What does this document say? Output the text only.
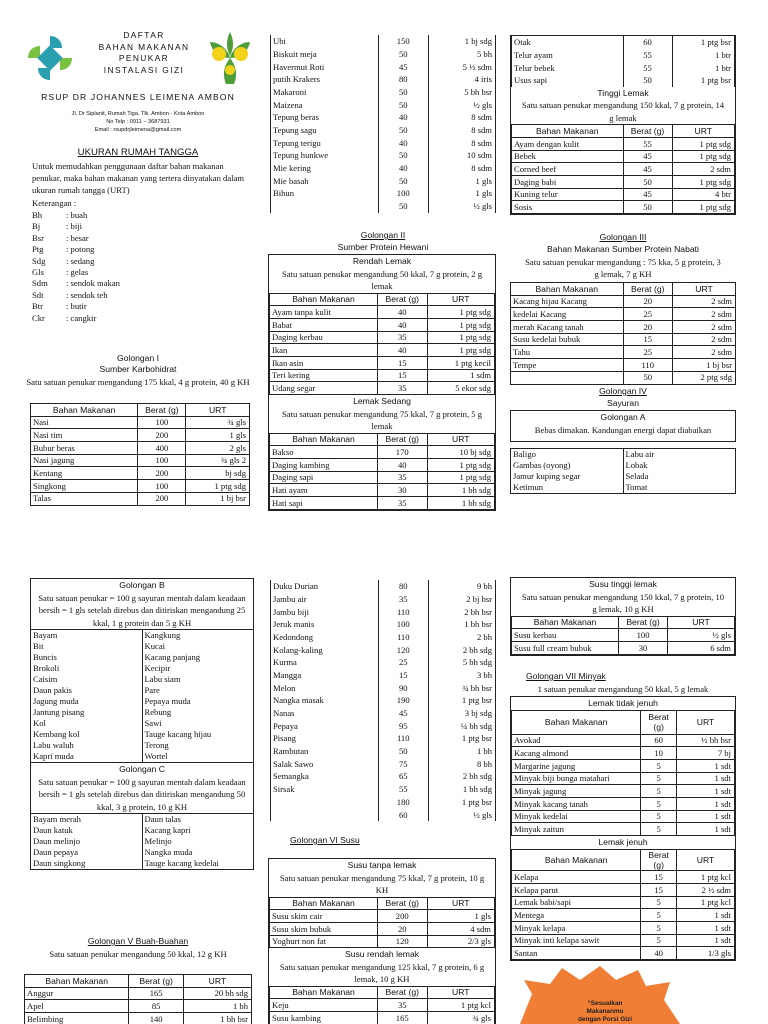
DAFTAR
BAHAN MAKANAN
PENUKAR
INSTALASI GIZI
RSUP DR JOHANNES LEIMENA AMBON
Jl. Dr Siplanit, Rumah Tiga, Tlk. Ambon - Kota Ambon
No Telp : 0911 – 3687931
Email : rsupdrjleimena@gmail.com
UKURAN RUMAH TANGGA
Untuk memudahkan penggunaan daftar bahan makanan penukar, maka bahan makanan yang tertera dinyatakan dalam ukuran rumah tangga (URT)
Keterangan :
Bh	: buah
Bj	: biji
Bsr	: besar
Ptg	: potong
Sdg : sedang
Gls	: gelas
Sdm : sendok makan
Sdt	: sendok teh
Btr	: butir
Ckr : cangkir
Golongan I
Sumber Karbohidrat
Satu satuan penukar mengandung 175 kkal, 4 g protein, 40 g KH
Bahan Makanan	Berat (g)	URT
Nasi	100	¾ gls
Nasi tim	200	1 gls
Bubur beras	400	2 gls
Nasi jagung	100	¾ gls 2
Kentang	200	bj sdg
Singkong	100	1 ptg sdg
Talas	200	1 bj bsr
Ubi	150	1 bj sdg
Biskuit meja	50	5 bh
Havermut Roti	45	5 ½ sdm
putih Krakers	80	4 iris
Makaroni	50	5 bh bsr
Maizena	50	½ gls
Tepung beras	40	8 sdm
Tepung sagu	50	8 sdm
Tepung terigu	40	8 sdm
Tepung hunkwe	50	10 sdm
Mie kering	40	8 sdm
Mie basah	50	1 gls
Bihun	100	1 gls
	50	½ gls
Golongan II
Sumber Protein Hewani
Rendah Lemak
Satu satuan penukar mengandung 50 kkal, 7 g protein, 2 g lemak
Bahan Makanan	Berat (g)	URT
Ayam tanpa kulit	40	1 ptg sdg
Babat	40	1 ptg sdg
Daging kerbau	35	1 ptg sdg
Ikan	40	1 ptg sdg
Ikan asin	15	1 ptg kecil
Teri kering	15	1 sdm
Udang segar	35	5 ekor sdg
Lemak Sedang
Satu satuan penukar mengandung 75 kkal, 7 g protein, 5 g lemak
Bahan Makanan	Berat (g)	URT
Bakso	170	10 bj sdg
Daging kambing	40	1 ptg sdg
Daging sapi	35	1 ptg sdg
Hati ayam	30	1 bh sdg
Hati sapi	35	1 bh sdg
Otak	60	1 ptg bsr
Telur ayam	55	1 btr
Telur bebek	55	1 btr
Usus sapi	50	1 ptg bsr
Tinggi Lemak
Satu satuan penukar mengandung 150 kkal, 7 g protein, 14 g lemak
Bahan Makanan	Berat (g)	URT
Ayam dengan kulit	55	1 ptg sdg
Bebek	45	1 ptg sdg
Corned beef	45	2 sdm
Daging babi	50	1 ptg sdg
Kuning telur	45	4 btr
Sosis	50	1 ptg sdg
Golongan III
Bahan Makanan Sumber Protein Nabati
Satu satuan penukar mengandung : 75 kka, 5 g protein, 3 g lemak, 7 g KH
Bahan Makanan	Berat (g)	URT
Kacang hijau Kacang	20	2 sdm
kedelai Kacang	25	2 sdm
merah Kacang tanah	20	2 sdm
Susu kedelai bubuk	15	2 sdm
Tahu	25	2 sdm
Tempe	110	1 bj bsr
	50	2 ptg sdg
Golongan IV
Sayuran
Golongan A
Bebas dimakan. Kandungan energi dapat diabaikan
Baligo	Labu air
Gambas (oyong)	Lobak
Jamur kuping segar	Selada
Ketimun	Tomat
Golongan B
Satu satuan penukar = 100 g sayuran mentah dalam keadaan bersih = 1 gls setelah direbus dan ditiriskan mengandung 25 kkal, 1 g protein dan 5 g KH
Bayam	Kangkung
Bit	Kucai
Buncis	Kacang panjang
Brokoli	Kecipir
Caisim	Labu siam
Daun pakis	Pare
Jagung muda	Pepaya muda
Jantung pisang	Rebung
Kol	Sawi
Kembang kol	Tauge kacang hijau
Labu waluh	Terong
Kapri muda	Wortel
Golongan C
Satu satuan penukar = 100 g sayuran mentah dalam keadaan bersih = 1 gls setelah direbus dan ditiriskan mengandung 50 kkal, 3 g protein, 10 g KH
Bayam merah	Daun talas
Daun katuk	Kacang kapri
Daun melinjo	Melinjo
Daun pepaya	Nangka muda
Daun singkong	Tauge kacang kedelai
Golongan V Buah-Buahan
Satu satuan penukar mengandung 50 kkal, 12 g KH
Bahan Makanan	Berat (g)	URT
Anggur	165	20 bh sdg
Apel	85	1 bh
Belimbing	140	1 bh bsr
Duku Durian	80	9 bh
Jambu air	35	2 bj bsr
Jambu biji	110	2 bh bsr
Jeruk manis	100	1 bh bsr
Kedondong	110	2 bh
Kolang-kaling	120	2 bh sdg
Kurma	25	5 bh sdg
Mangga	15	3 bh
Melon	90	¾ bh bsr
Nangka masak	190	1 ptg bsr
Nanas	45	3 bj sdg
Pepaya	95	¼ bh sdg
Pisang	110	1 ptg bsr
Rambutan	50	1 bh
Salak Sawo	75	8 bh
Semangka	65	2 bh sdg
Sirsak	55	1 bh sdg
	180	1 ptg bsr
	60	½ gls
Golongan VI Susu
Susu tanpa lemak
Satu satuan penukar mengandung 75 kkal, 7 g protein, 10 g KH
Bahan Makanan	Berat (g)	URT
Susu skim cair	200	1 gls
Susu skim bubuk	20	4 sdm
Yoghurt non fat	120	2/3 gls
Susu rendah lemak
Satu satuan penukar mengandung 125 kkal, 7 g protein, 6 g lemak, 10 g KH
Bahan Makanan	Berat (g)	URT
Keju	35	1 ptg kcl
Susu kambing	165	¾ gls
Susu tinggi lemak
Satu satuan penukar mengandung 150 kkal, 7 g protein, 10 g lemak, 10 g KH
Bahan Makanan	Berat (g)	URT
Susu kerbau	100	½ gls
Susu full cream bubuk	30	6 sdm
Golongan VII Minyak
1 satuan penukar mengandung 50 kkal, 5 g lemak
Lemak tidak jenuh
Bahan Makanan	Berat (g)	URT
Avokad	60	½ bh bsr
Kacang almond	10	7 bj
Margarine jagung	5	1 sdt
Minyak biji bunga matahari	5	1 sdt
Minyak jagung	5	1 sdt
Minyak kacang tanah	5	1 sdt
Minyak kedelai	5	1 sdt
Minyak zaitun	5	1 sdt
Lemak jenuh
Bahan Makanan	Berat (g)	URT
Kelapa	15	1 ptg kcl
Kelapa parut	15	2 ½ sdm
Lemak babi/sapi	5	1 ptg kcl
Mentega	5	1 sdt
Minyak kelapa	5	1 sdt
Minyak inti kelapa sawit	5	1 sdt
Santan	40	1/3 gls
“Sesuaikan
Makananmu
dengan Porsi Gizi
